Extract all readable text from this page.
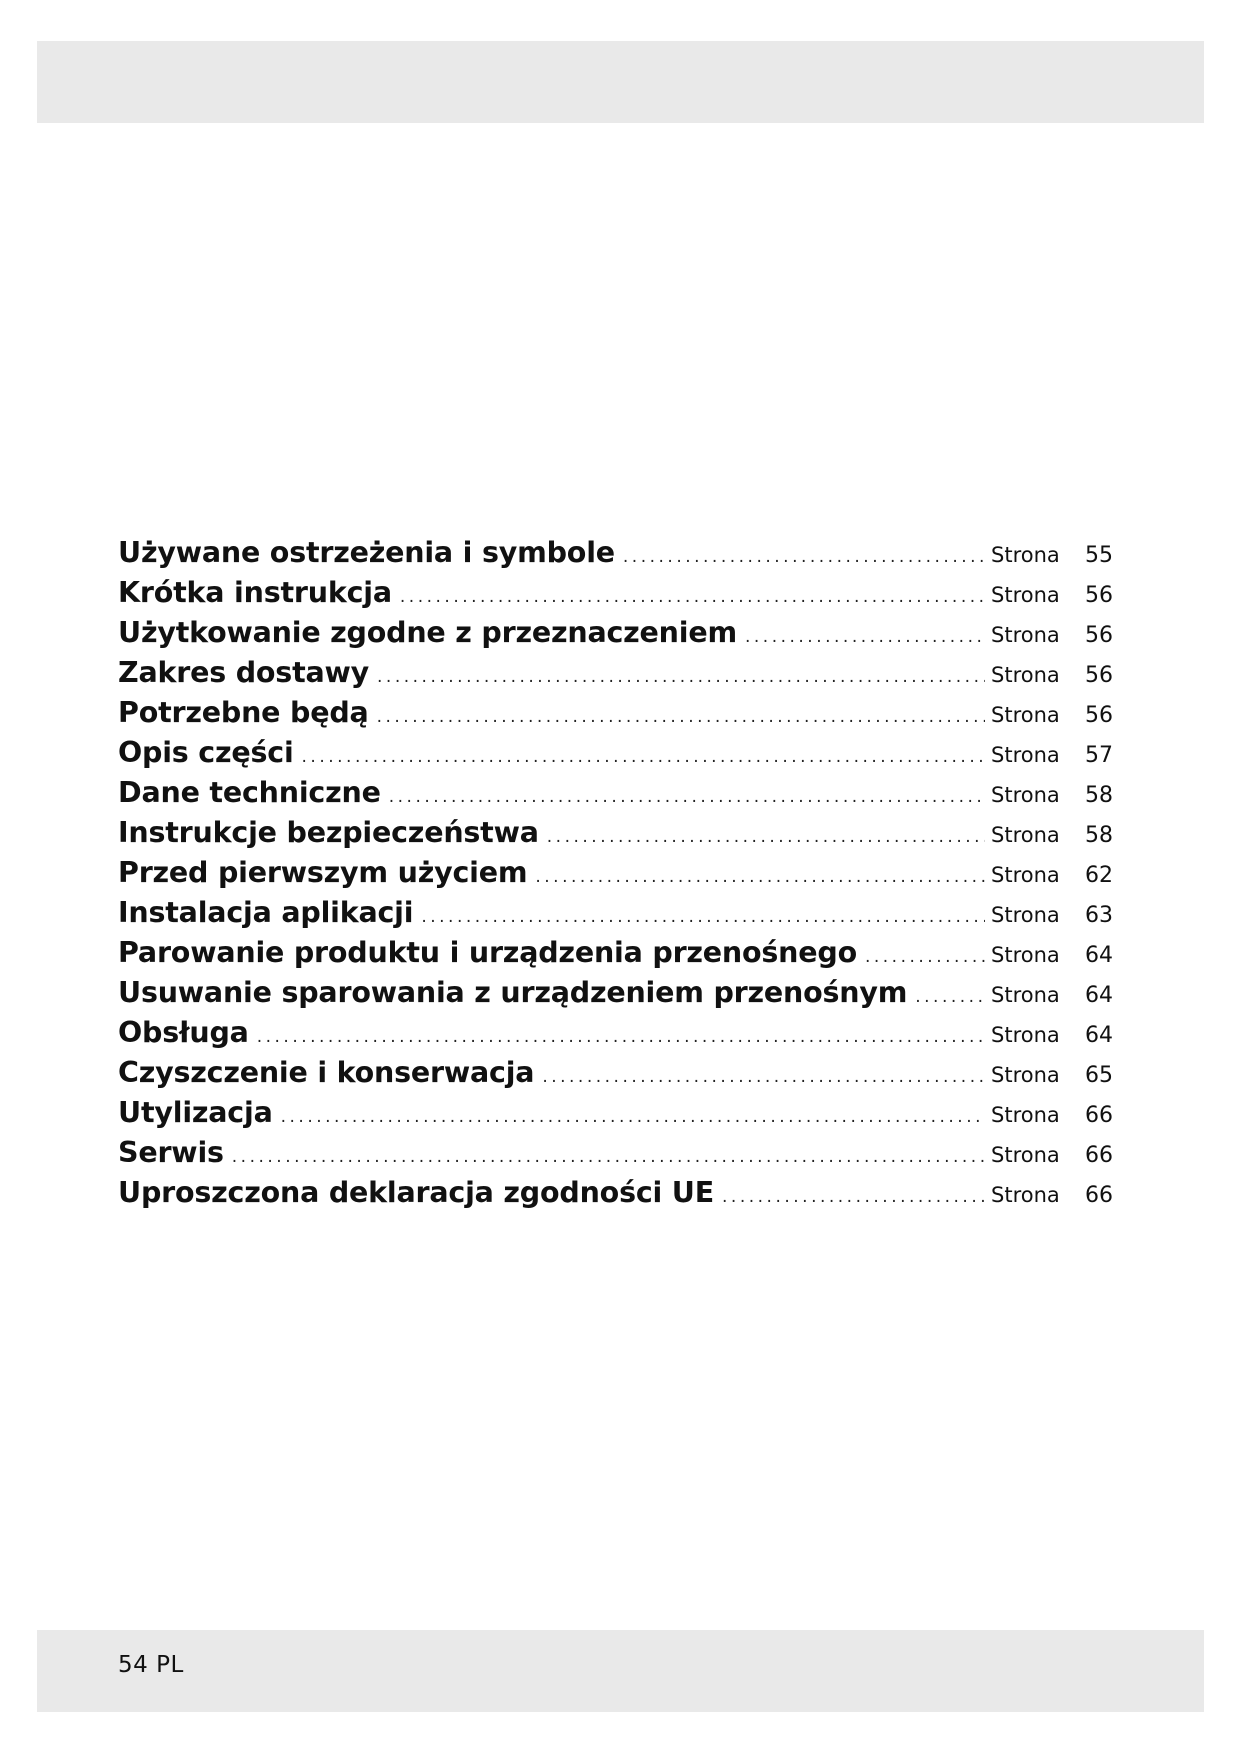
Używane ostrzeżenia i symbole .....	Strona	55
Krótka instrukcja .....	Strona	56
Użytkowanie zgodne z przeznaczeniem .....	Strona	56
Zakres dostawy .....	Strona	56
Potrzebne będą .....	Strona	56
Opis części .....	Strona	57
Dane techniczne .....	Strona	58
Instrukcje bezpieczeństwa .....	Strona	58
Przed pierwszym użyciem .....	Strona	62
Instalacja aplikacji .....	Strona	63
Parowanie produktu i urządzenia przenośnego .....	Strona	64
Usuwanie sparowania z urządzeniem przenośnym .....	Strona	64
Obsługa .....	Strona	64
Czyszczenie i konserwacja .....	Strona	65
Utylizacja .....	Strona	66
Serwis .....	Strona	66
Uproszczona deklaracja zgodności UE .....	Strona	66
54 PL
